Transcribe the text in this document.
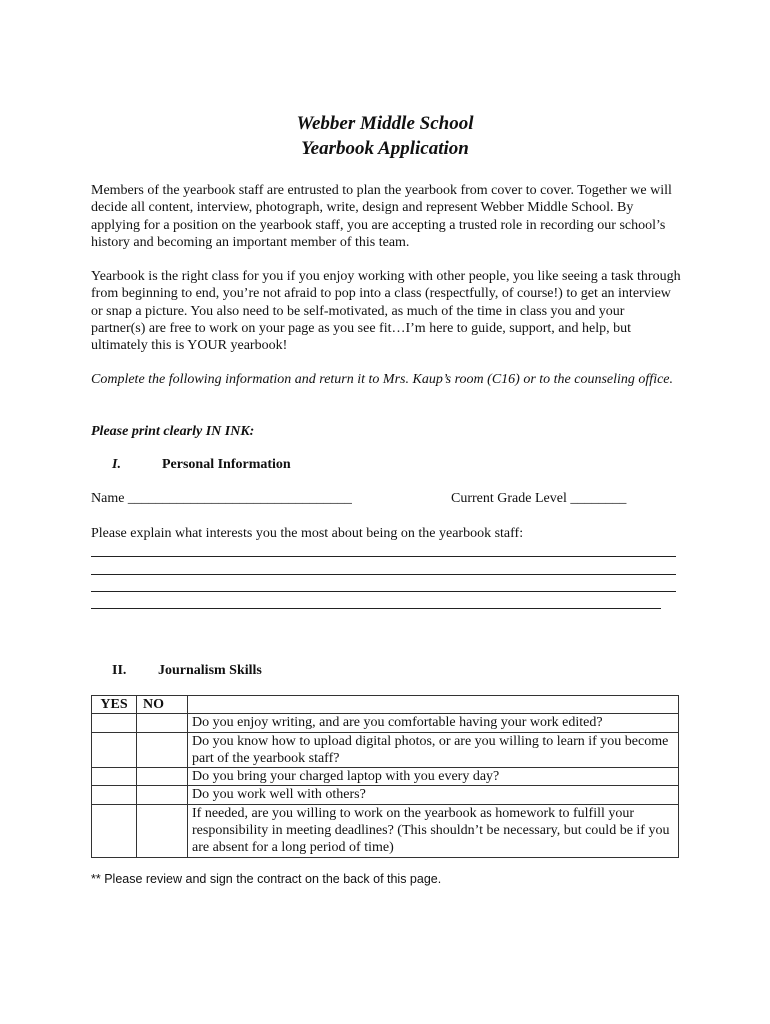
Webber Middle School
Yearbook Application

Members of the yearbook staff are entrusted to plan the yearbook from cover to cover. Together we will decide all content, interview, photograph, write, design and represent Webber Middle School. By applying for a position on the yearbook staff, you are accepting a trusted role in recording our school’s history and becoming an important member of this team.

Yearbook is the right class for you if you enjoy working with other people, you like seeing a task through from beginning to end, you’re not afraid to pop into a class (respectfully, of course!) to get an interview or snap a picture. You also need to be self-motivated, as much of the time in class you and your partner(s) are free to work on your page as you see fit…I’m here to guide, support, and help, but ultimately this is YOUR yearbook!

Complete the following information and return it to Mrs. Kaup’s room (C16) or to the counseling office.

Please print clearly IN INK:

I.	Personal Information
Name ________________________________	Current Grade Level ________
Please explain what interests you the most about being on the yearbook staff:
II. Journalism Skills
YES	NO	
		Do you enjoy writing, and are you comfortable having your work edited?
		Do you know how to upload digital photos, or are you willing to learn if you become part of the yearbook staff?
		Do you bring your charged laptop with you every day?
		Do you work well with others?
		If needed, are you willing to work on the yearbook as homework to fulfill your responsibility in meeting deadlines? (This shouldn’t be necessary, but could be if you are absent for a long period of time)
** Please review and sign the contract on the back of this page.
